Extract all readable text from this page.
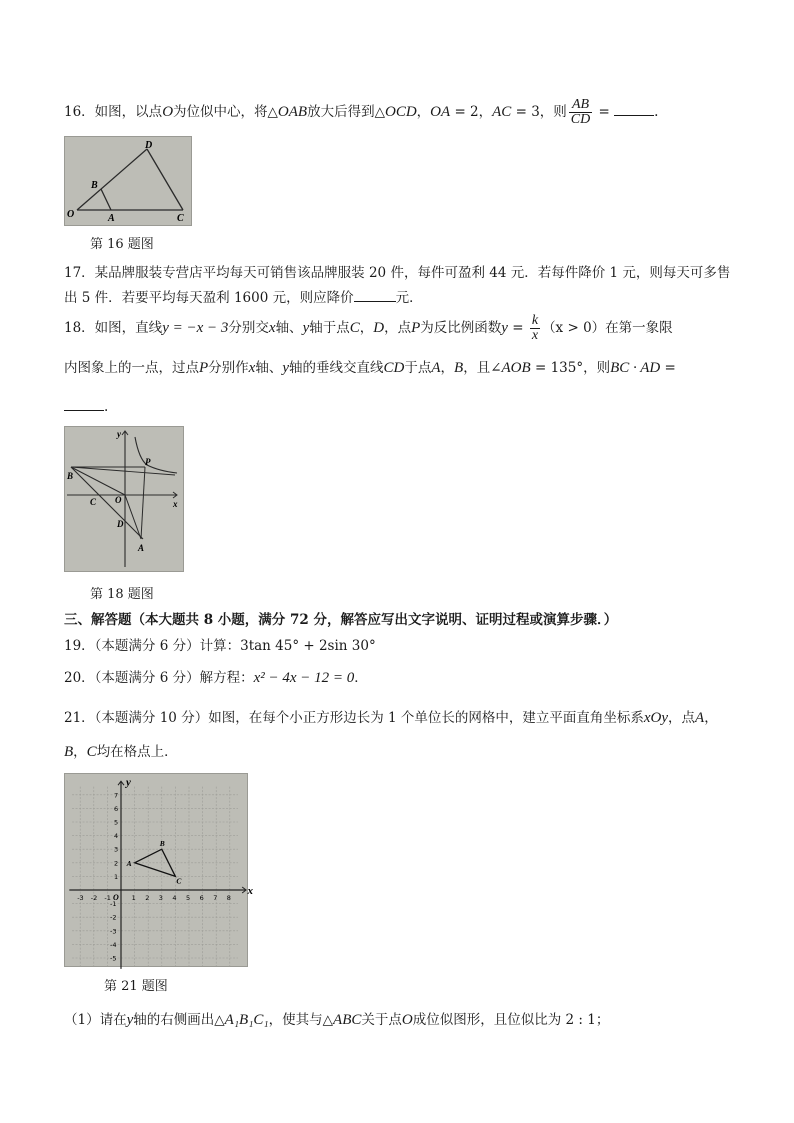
16．如图，以点O为位似中心，将△OAB放大后得到△OCD，OA = 2，AC = 3，则 $\frac{AB}{CD}$ =	.
O	A
B
C
D
第 16 题图
17．某品牌服装专营店平均每天可销售该品牌服装 20 件，每件可盈利 44 元．若每件降价 1 元，则每天可多售
出 5 件．若要平均每天盈利 1600 元，则应降价	元．
18．如图，直线y = −x − 3分别交x轴、y轴于点C，D，点P为反比例函数$y = \frac{k}{x} (x > 0)$在第一象限
内图象上的一点，过点P分别作x轴、y轴的垂线交直线CD于点A，B，且∠AOB = 135°，则BC · AD =
.
y
x
B
C O
P
D
A
第 18 题图
三、解答题（本大题共 8 小题，满分 72 分，解答应写出文字说明、证明过程或演算步骤．）
19．（本题满分 6 分）计算：3tan 45° + 2sin 30°
20．（本题满分 6 分）解方程：x² − 4x − 12 = 0．
21．（本题满分 10 分）如图，在每个小正方形边长为 1 个单位长的网格中，建立平面直角坐标系xOy，点A，
B，C均在格点上．
x
y
O
-3 -2 -1	1 2 3 4 5 6 7 8
7
6
5
4
3
2
1
-1
-2
-3
-4
-5
A
B
C
第 21 题图
（1）请在y轴的右侧画出△A₁B₁C₁，使其与△ABC关于点O成位似图形，且位似比为 2 : 1；
